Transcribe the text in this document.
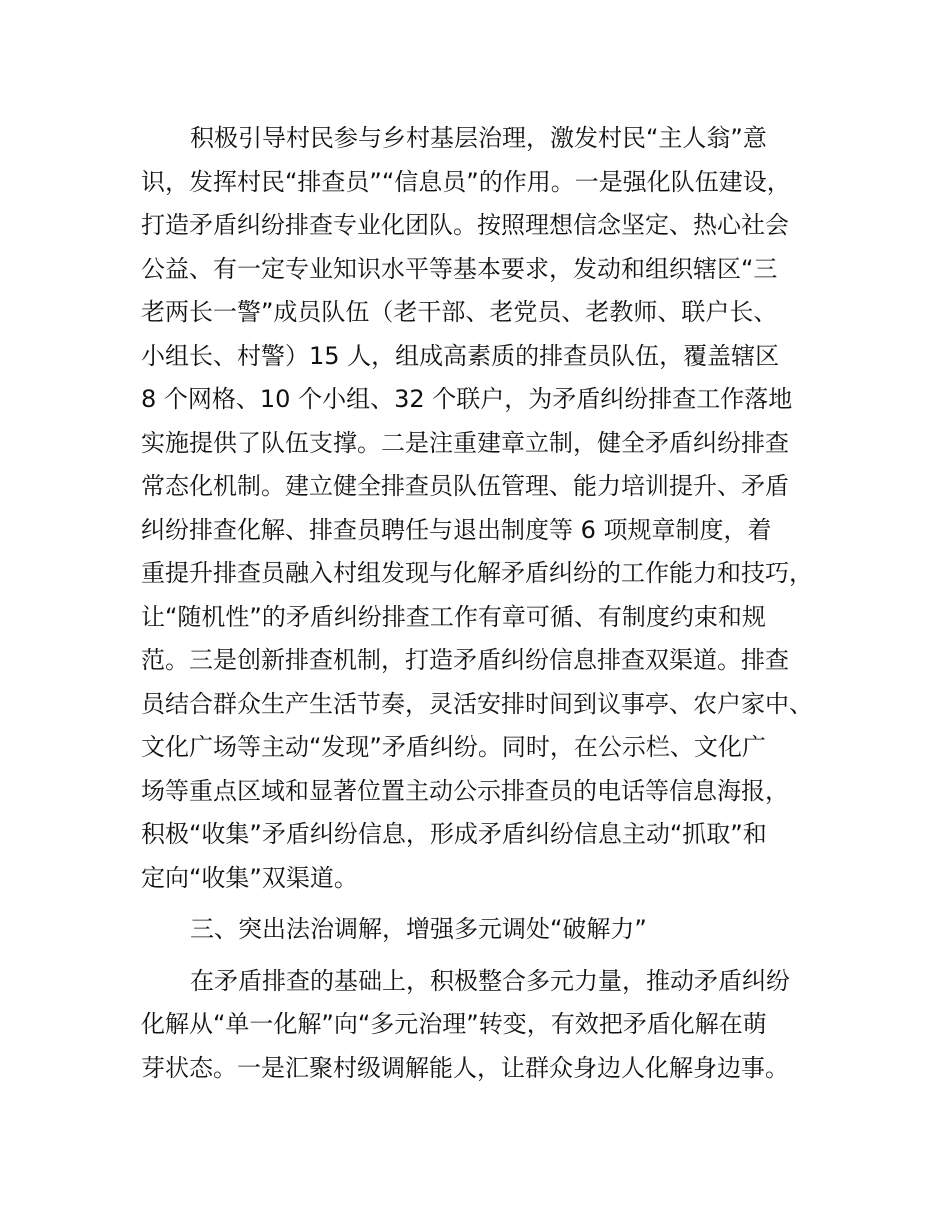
积极引导村民参与乡村基层治理，激发村民“主人翁”意

识，发挥村民“排查员”“信息员”的作用。一是强化队伍建设，

打造矛盾纠纷排查专业化团队。按照理想信念坚定、热心社会

公益、有一定专业知识水平等基本要求，发动和组织辖区“三

老两长一警”成员队伍（老干部、老党员、老教师、联户长、

小组长、村警）15 人，组成高素质的排查员队伍，覆盖辖区

8 个网格、10 个小组、32 个联户，为矛盾纠纷排查工作落地

实施提供了队伍支撑。二是注重建章立制，健全矛盾纠纷排查

常态化机制。建立健全排查员队伍管理、能力培训提升、矛盾

纠纷排查化解、排查员聘任与退出制度等 6 项规章制度，着

重提升排查员融入村组发现与化解矛盾纠纷的工作能力和技巧，

让“随机性”的矛盾纠纷排查工作有章可循、有制度约束和规

范。三是创新排查机制，打造矛盾纠纷信息排查双渠道。排查

员结合群众生产生活节奏，灵活安排时间到议事亭、农户家中、

文化广场等主动“发现”矛盾纠纷。同时，在公示栏、文化广

场等重点区域和显著位置主动公示排查员的电话等信息海报，

积极“收集”矛盾纠纷信息，形成矛盾纠纷信息主动“抓取”和

定向“收集”双渠道。

三、突出法治调解，增强多元调处“破解力”

在矛盾排查的基础上，积极整合多元力量，推动矛盾纠纷

化解从“单一化解”向“多元治理”转变，有效把矛盾化解在萌

芽状态。一是汇聚村级调解能人，让群众身边人化解身边事。
